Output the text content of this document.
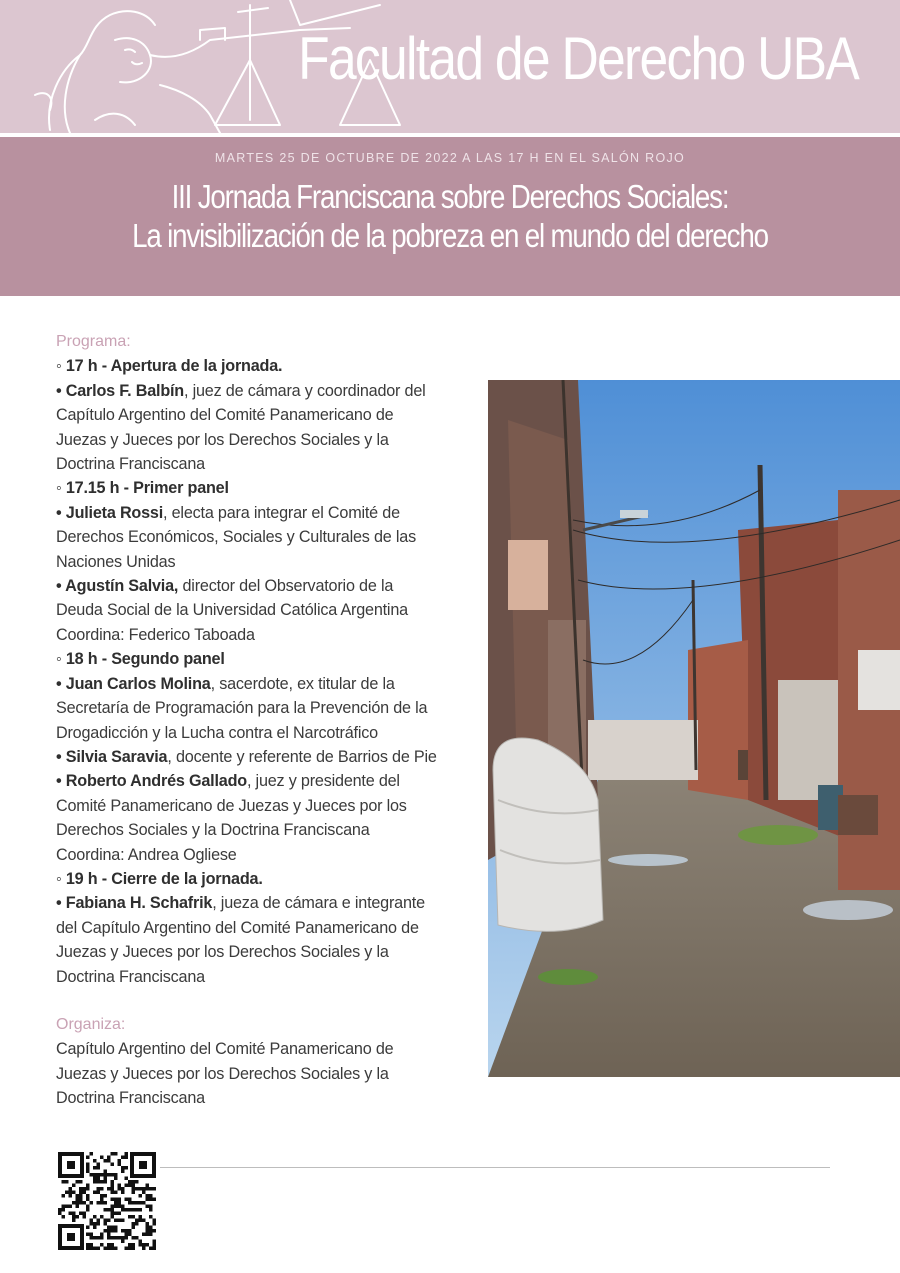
Facultad de Derecho UBA
MARTES 25 DE OCTUBRE DE 2022 A LAS 17 H EN EL SALÓN ROJO
III Jornada Franciscana sobre Derechos Sociales:
La invisibilización de la pobreza en el mundo del derecho
Programa:
◦ 17 h - Apertura de la jornada.
• Carlos F. Balbín, juez de cámara y coordinador del
Capítulo Argentino del Comité Panamericano de
Juezas y Jueces por los Derechos Sociales y la
Doctrina Franciscana
◦ 17.15 h - Primer panel
• Julieta Rossi, electa para integrar el Comité de
Derechos Económicos, Sociales y Culturales de las
Naciones Unidas
• Agustín Salvia, director del Observatorio de la
Deuda Social de la Universidad Católica Argentina
Coordina: Federico Taboada
◦ 18 h - Segundo panel
• Juan Carlos Molina, sacerdote, ex titular de la
Secretaría de Programación para la Prevención de la
Drogadicción y la Lucha contra el Narcotráfico
• Silvia Saravia, docente y referente de Barrios de Pie
• Roberto Andrés Gallado, juez y presidente del
Comité Panamericano de Juezas y Jueces por los
Derechos Sociales y la Doctrina Franciscana
Coordina: Andrea Ogliese
◦ 19 h - Cierre de la jornada.
• Fabiana H. Schafrik, jueza de cámara e integrante
del Capítulo Argentino del Comité Panamericano de
Juezas y Jueces por los Derechos Sociales y la
Doctrina Franciscana
Organiza:
Capítulo Argentino del Comité Panamericano de
Juezas y Jueces por los Derechos Sociales y la
Doctrina Franciscana
